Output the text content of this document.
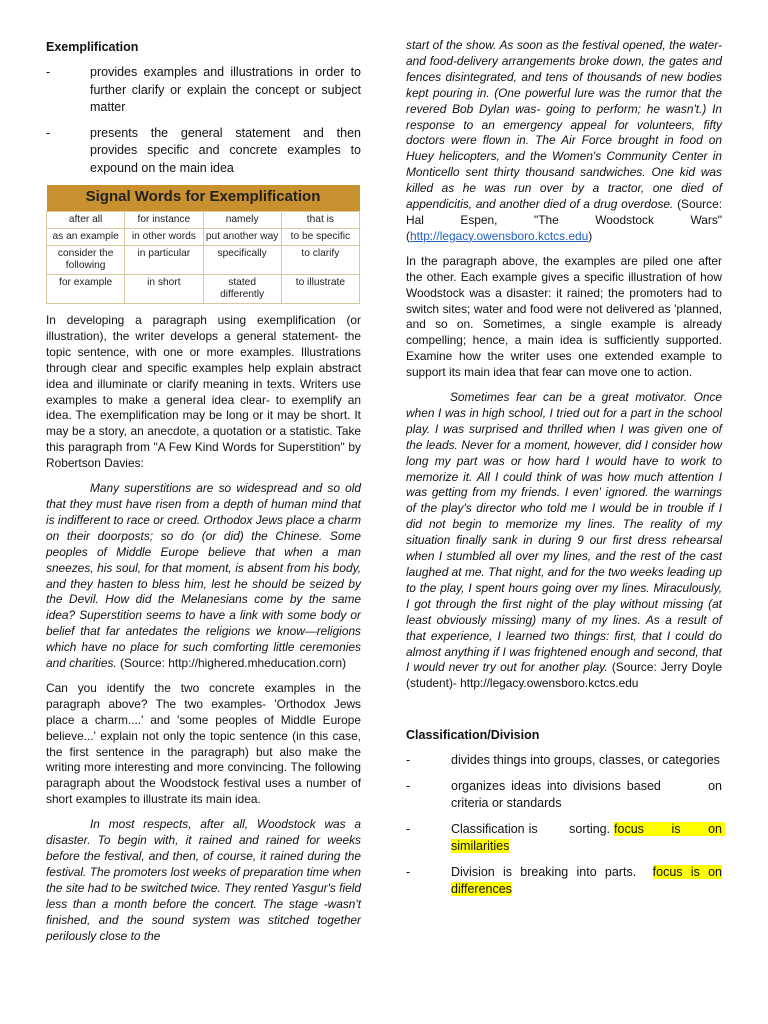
Exemplification
-	provides examples and illustrations in order to further clarify or explain the concept or subject matter
-	presents the general statement and then provides specific and concrete examples to expound on the main idea
Signal Words for Exemplification			
after all	for instance	namely	that is
as an example	in other words	put another way	to be specific
consider the following	in particular	specifically	to clarify
for example	in short	stated differently	to illustrate

In developing a paragraph using exemplification (or illustration), the writer develops a general statement- the topic sentence, with one or more examples. Illustrations through clear and specific examples help explain abstract idea and illuminate or clarify meaning in texts. Writers use examples to make a general idea clear- to exemplify an idea. The exemplification may be long or it may be short. It may be a story, an anecdote, a quotation or a statistic. Take this paragraph from "A Few Kind Words for Superstition" by Robertson Davies:

Many superstitions are so widespread and so old that they must have risen from a depth of human mind that is indifferent to race or creed. Orthodox Jews place a charm on their doorposts; so do (or did) the Chinese. Some peoples of Middle Europe believe that when a man sneezes, his soul, for that moment, is absent from his body, and they hasten to bless him, lest he should be seized by the Devil. How did the Melanesians come by the same idea? Superstition seems to have a link with some body or belief that far antedates the religions we know—religions which have no place for such comforting little ceremonies and charities. (Source: http://highered.mheducation.corn)

Can you identify the two concrete examples in the paragraph above? The two examples- 'Orthodox Jews place a charm....' and 'some peoples of Middle Europe believe...' explain not only the topic sentence (in this case, the first sentence in the paragraph) but also make the writing more interesting and more convincing. The following paragraph about the Woodstock festival uses a number of short examples to illustrate its main idea.

In most respects, after all, Woodstock was a disaster. To begin with, it rained and rained for weeks before the festival, and then, of course, it rained during the festival. The promoters lost weeks of preparation time when the site had to be switched twice. They rented Yasgur's field less than a month before the concert. The stage -wasn't finished, and the sound system was stitched together perilously close to the

start of the show. As soon as the festival opened, the water- and food-delivery arrangements broke down, the gates and fences disintegrated, and tens of thousands of new bodies kept pouring in. (One powerful lure was the rumor that the revered Bob Dylan was- going to perform; he wasn't.) In response to an emergency appeal for volunteers, fifty doctors were flown in. The Air Force brought in food on Huey helicopters, and the Women's Community Center in Monticello sent thirty thousand sandwiches. One kid was killed as he was run over by a tractor, one died of appendicitis, and another died of a drug overdose. (Source: Hal Espen, "The Woodstock Wars" (http://legacy.owensboro.kctcs.edu)

In the paragraph above, the examples are piled one after the other. Each example gives a specific illustration of how Woodstock was a disaster: it rained; the promoters had to switch sites; water and food were not delivered as 'planned, and so on. Sometimes, a single example is already compelling; hence, a main idea is sufficiently supported. Examine how the writer uses one extended example to support its main idea that fear can move one to action.

Sometimes fear can be a great motivator. Once when I was in high school, I tried out for a part in the school play. I was surprised and thrilled when I was given one of the leads. Never for a moment, however, did I consider how long my part was or how hard I would have to work to memorize it. All I could think of was how much attention I was getting from my friends. I even' ignored. the warnings of the play's director who told me I would be in trouble if I did not begin to memorize my lines. The reality of my situation finally sank in during 9 our first dress rehearsal when I stumbled all over my lines, and the rest of the cast laughed at me. That night, and for the two weeks leading up to the play, I spent hours going over my lines. Miraculously, I got through the first night of the play without missing (at least obviously missing) many of my lines. As a result of that experience, I learned two things: first, that I could do almost anything if I was frightened enough and second, that I would never try out for another play. (Source: Jerry Doyle (student)- http://legacy.owensboro.kctcs.edu

Classification/Division
-	divides things into groups, classes, or categories
-	organizes ideas into divisions based        on criteria or standards
-	Classification is        sorting. focus       is       on similarities
-	Division is breaking into parts.  focus is on differences
